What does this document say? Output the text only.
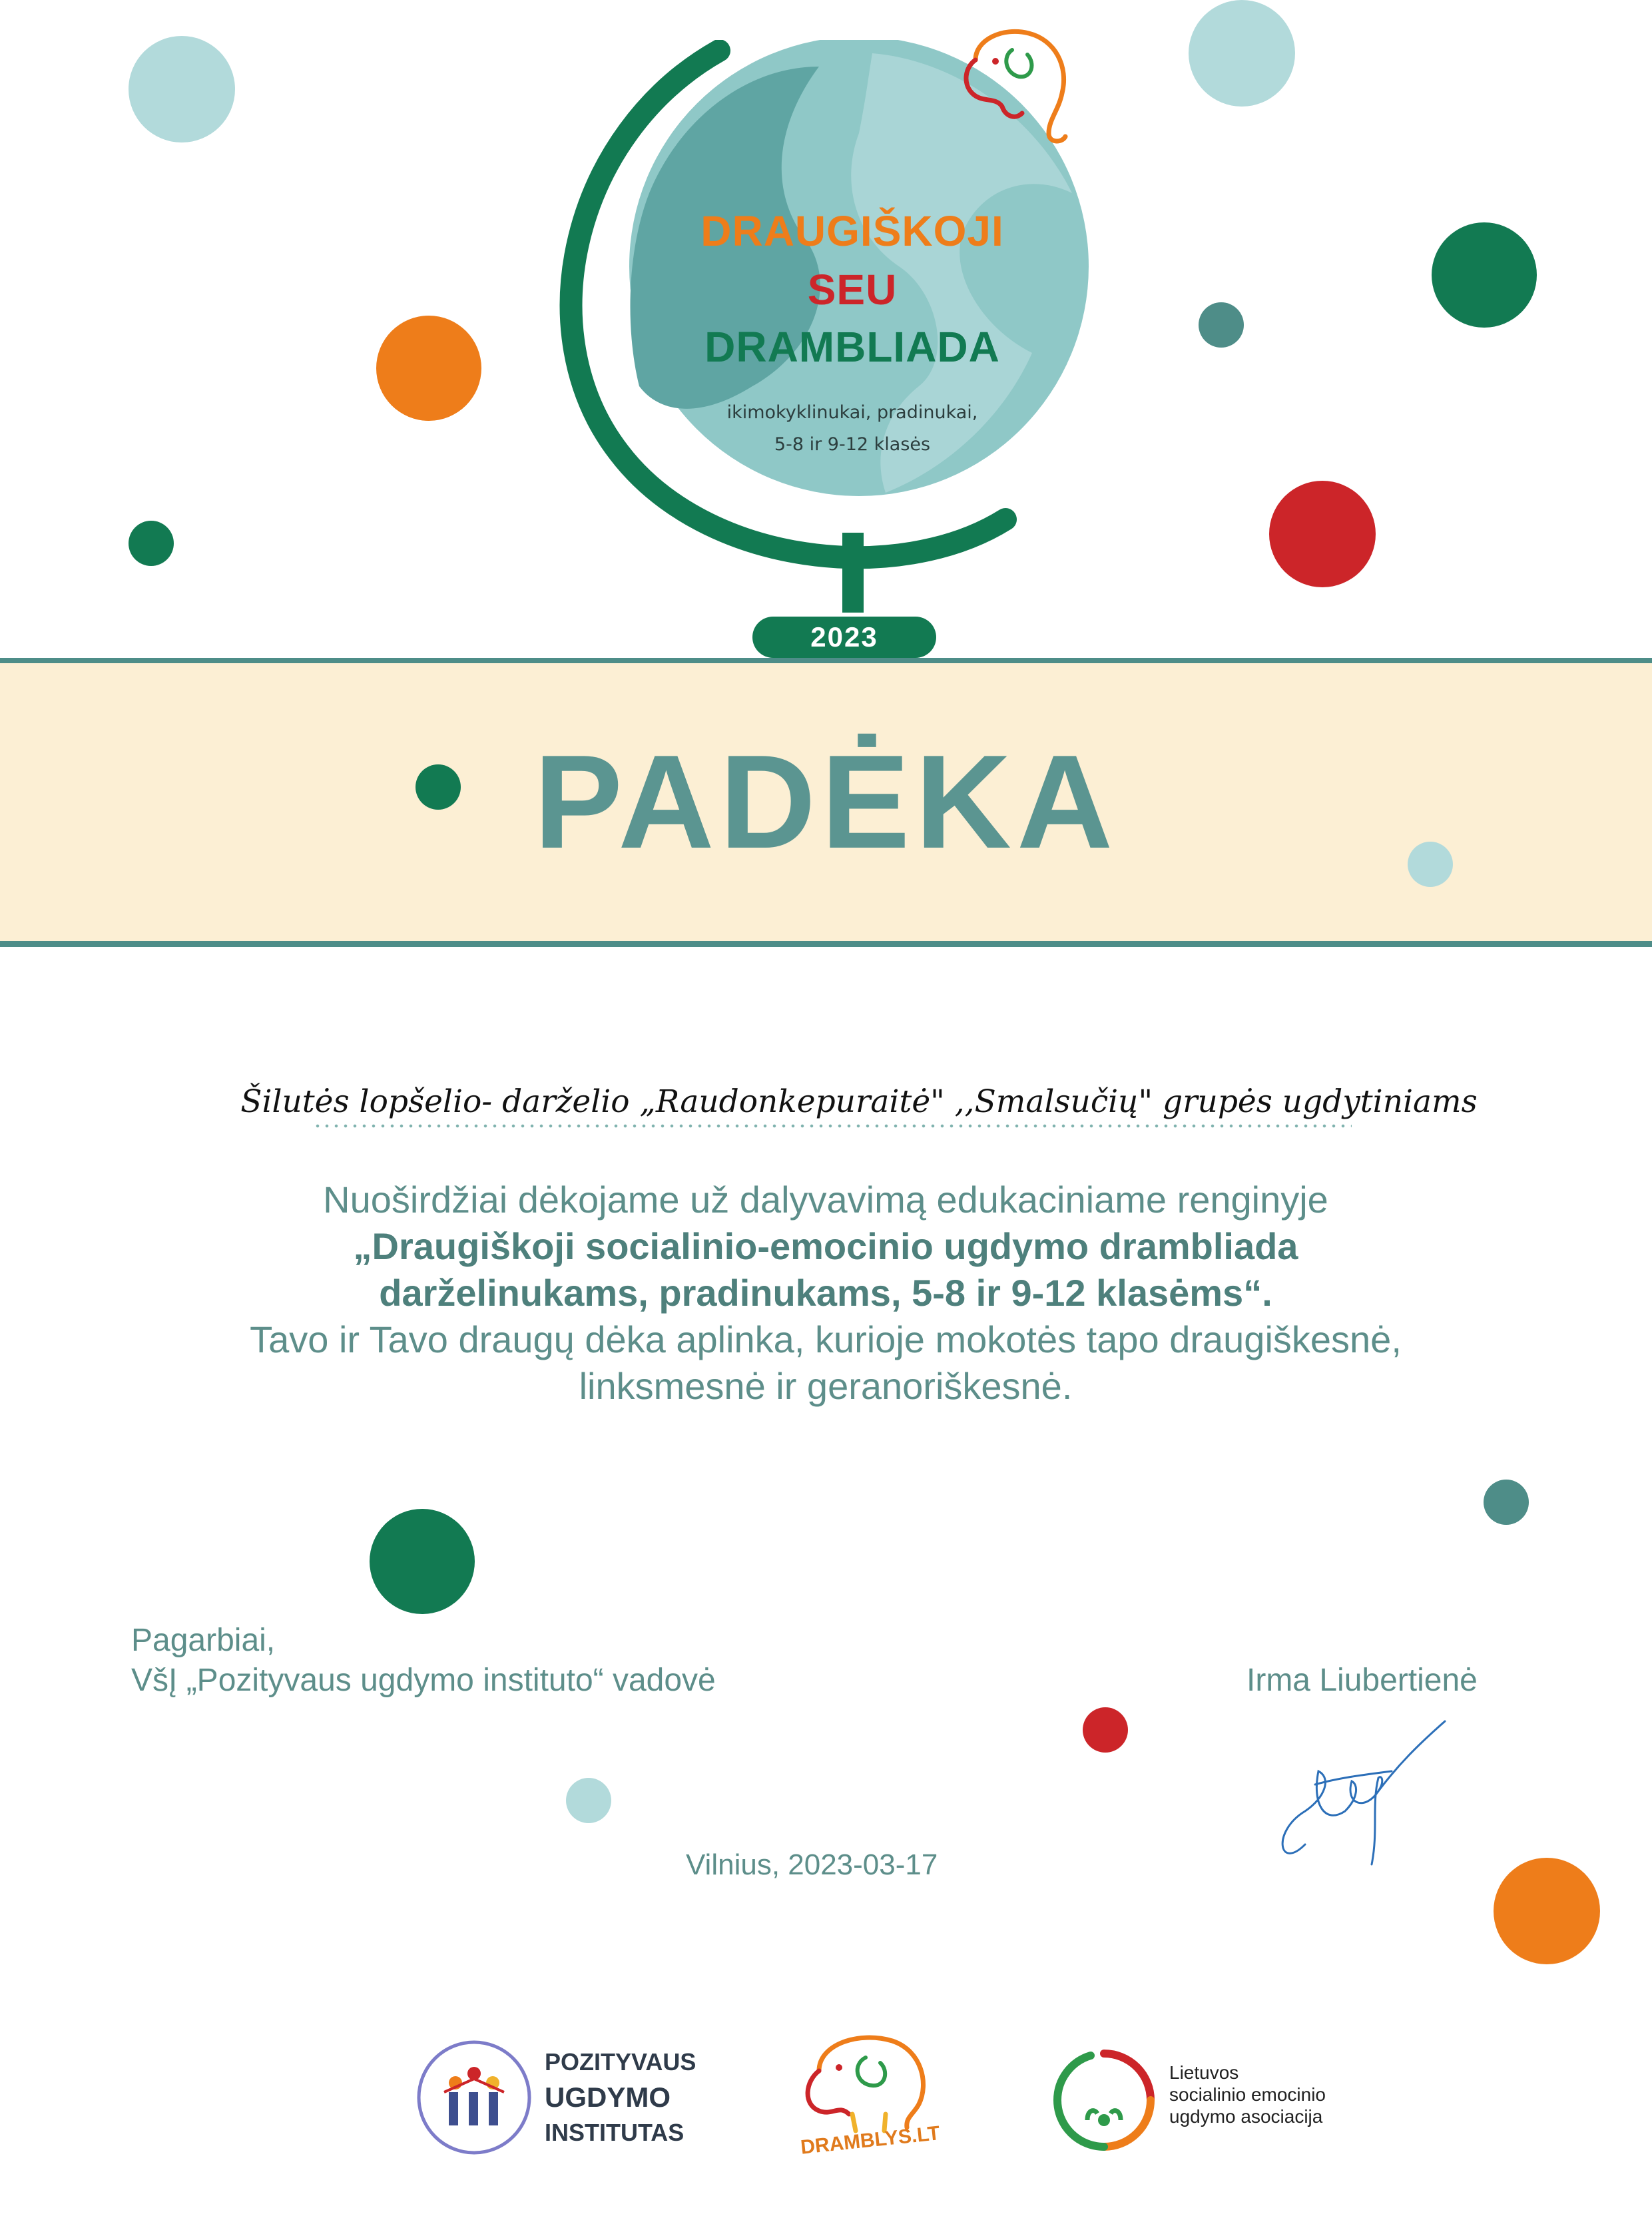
DRAUGIŠKOJI
SEU
DRAMBLIADA
ikimokyklinukai, pradinukai,
5-8 ir 9-12 klasės
2023
PADĖKA
Šilutės lopšelio- darželio „Raudonkepuraitė" ,,Smalsučių" grupės ugdytiniams
Nuoširdžiai dėkojame už dalyvavimą edukaciniame renginyje
„Draugiškoji socialinio-emocinio ugdymo drambliada
darželinukams, pradinukams, 5-8 ir 9-12 klasėms“.
Tavo ir Tavo draugų dėka aplinka, kurioje mokotės tapo draugiškesnė,
linksmesnė ir geranoriškesnė.
Pagarbiai,
VšĮ „Pozityvaus ugdymo instituto“ vadovė	Irma Liubertienė
Vilnius, 2023-03-17
POZITYVAUS
UGDYMO
INSTITUTAS	DRAMBLYS.LT
Lietuvos
socialinio emocinio
ugdymo asociacija
